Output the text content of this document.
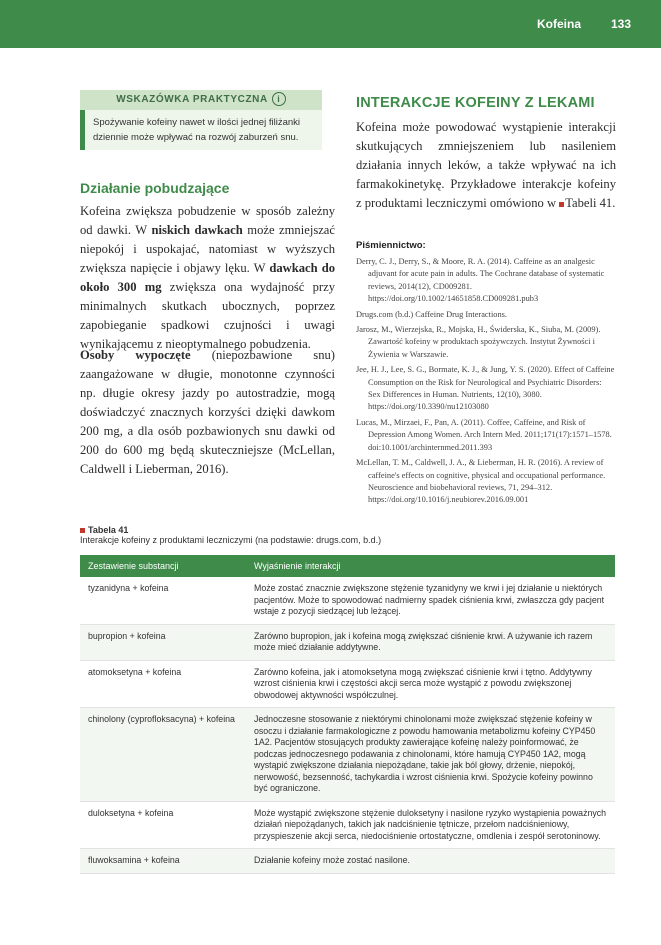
Kofeina 133
WSKAZÓWKA PRAKTYCZNA i
Spożywanie kofeiny nawet w ilości jednej filiżanki dziennie może wpływać na rozwój zaburzeń snu.
Działanie pobudzające
Kofeina zwiększa pobudzenie w sposób zależny od dawki. W niskich dawkach może zmniejszać niepokój i uspokajać, natomiast w wyższych zwiększa napięcie i objawy lęku. W dawkach do około 300 mg zwiększa ona wydajność przy minimalnych skutkach ubocznych, poprzez zapobieganie spadkowi czujności i uwagi wynikającemu z nieoptymalnego pobudzenia.
Osoby wypoczęte (niepozbawione snu) zaangażowane w długie, monotonne czynności np. długie okresy jazdy po autostradzie, mogą doświadczyć znacznych korzyści dzięki dawkom 200 mg, a dla osób pozbawionych snu dawki od 200 do 600 mg będą skuteczniejsze (McLellan, Caldwell i Lieberman, 2016).
INTERAKCJE KOFEINY Z LEKAMI
Kofeina może powodować wystąpienie interakcji skutkujących zmniejszeniem lub nasileniem działania innych leków, a także wpływać na ich farmakokinetykę. Przykładowe interakcje kofeiny z produktami leczniczymi omówiono w Tabeli 41.
Piśmiennictwo:
Derry, C. J., Derry, S., & Moore, R. A. (2014). Caffeine as an analgesic adjuvant for acute pain in adults. The Cochrane database of systematic reviews, 2014(12), CD009281. https://doi.org/10.1002/14651858.CD009281.pub3
Drugs.com (b.d.) Caffeine Drug Interactions.
Jarosz, M., Wierzejska, R., Mojska, H., Świderska, K., Siuba, M. (2009). Zawartość kofeiny w produktach spożywczych. Instytut Żywności i Żywienia w Warszawie.
Jee, H. J., Lee, S. G., Bormate, K. J., & Jung, Y. S. (2020). Effect of Caffeine Consumption on the Risk for Neurological and Psychiatric Disorders: Sex Differences in Human. Nutrients, 12(10), 3080. https://doi.org/10.3390/nu12103080
Lucas, M., Mirzaei, F., Pan, A. (2011). Coffee, Caffeine, and Risk of Depression Among Women. Arch Intern Med. 2011;171(17):1571–1578. doi:10.1001/archinternmed.2011.393
McLellan, T. M., Caldwell, J. A., & Lieberman, H. R. (2016). A review of caffeine's effects on cognitive, physical and occupational performance. Neuroscience and biobehavioral reviews, 71, 294–312. https://doi.org/10.1016/j.neubiorev.2016.09.001
Tabela 41
Interakcje kofeiny z produktami leczniczymi (na podstawie: drugs.com, b.d.)
Zestawienie substancji	Wyjaśnienie interakcji
tyzanidyna + kofeina	Może zostać znacznie zwiększone stężenie tyzanidyny we krwi i jej działanie u niektórych pacjentów. Może to spowodować nadmierny spadek ciśnienia krwi, zwłaszcza gdy pacjent wstaje z pozycji siedzącej lub leżącej.
bupropion + kofeina	Zarówno bupropion, jak i kofeina mogą zwiększać ciśnienie krwi. A używanie ich razem może mieć działanie addytywne.
atomoksetyna + kofeina	Zarówno kofeina, jak i atomoksetyna mogą zwiększać ciśnienie krwi i tętno. Addytywny wzrost ciśnienia krwi i częstości akcji serca może wystąpić z powodu zwiększonej obwodowej aktywności współczulnej.
chinolony (cyprofloksacyna) + kofeina	Jednoczesne stosowanie z niektórymi chinolonami może zwiększać stężenie kofeiny w osoczu i działanie farmakologiczne z powodu hamowania metabolizmu kofeiny CYP450 1A2. Pacjentów stosujących produkty zawierające kofeinę należy poinformować, że podczas jednoczesnego podawania z chinolonami, które hamują CYP450 1A2, mogą wystąpić zwiększone działania niepożądane, takie jak ból głowy, drżenie, niepokój, nerwowość, bezsenność, tachykardia i wzrost ciśnienia krwi. Spożycie kofeiny powinno być ograniczone.
duloksetyna + kofeina	Może wystąpić zwiększone stężenie duloksetyny i nasilone ryzyko wystąpienia poważnych działań niepożądanych, takich jak nadciśnienie tętnicze, przełom nadciśnieniowy, przyspieszenie akcji serca, niedociśnienie ortostatyczne, omdlenia i zespół serotoninowy.
fluwoksamina + kofeina	Działanie kofeiny może zostać nasilone.
